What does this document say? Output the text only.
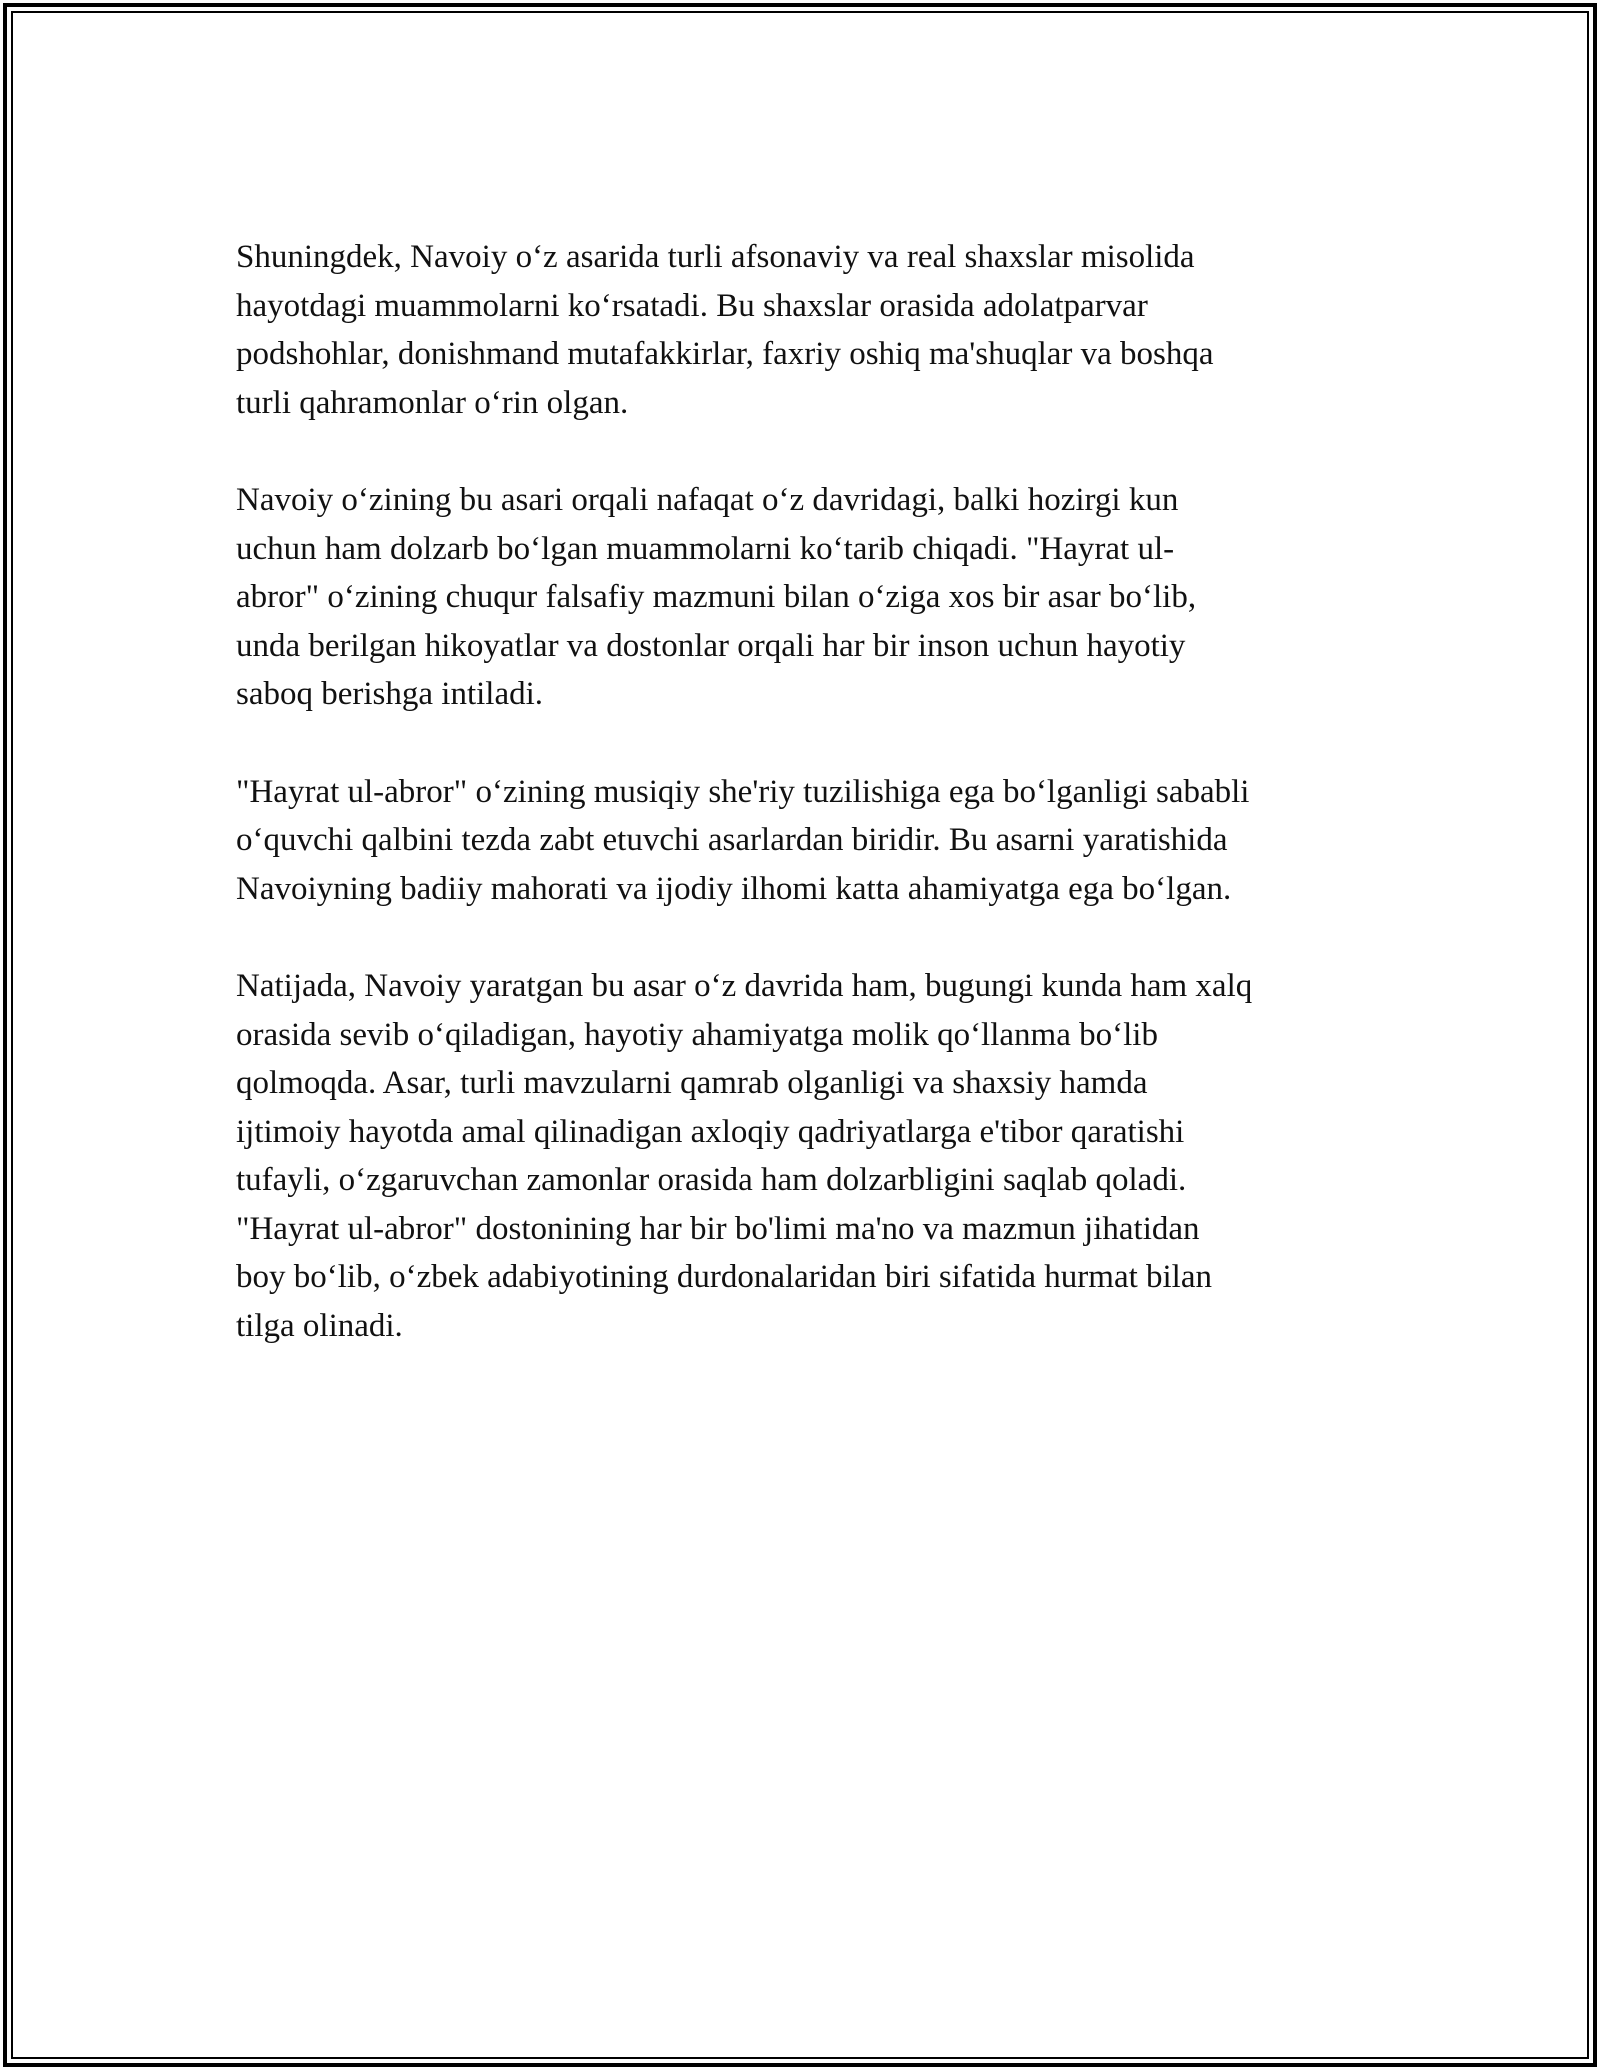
Shuningdek, Navoiy o‘z asarida turli afsonaviy va real shaxslar misolida
hayotdagi muammolarni ko‘rsatadi. Bu shaxslar orasida adolatparvar
podshohlar, donishmand mutafakkirlar, faxriy oshiq ma'shuqlar va boshqa
turli qahramonlar o‘rin olgan.

Navoiy o‘zining bu asari orqali nafaqat o‘z davridagi, balki hozirgi kun
uchun ham dolzarb bo‘lgan muammolarni ko‘tarib chiqadi. "Hayrat ul-
abror" o‘zining chuqur falsafiy mazmuni bilan o‘ziga xos bir asar bo‘lib,
unda berilgan hikoyatlar va dostonlar orqali har bir inson uchun hayotiy
saboq berishga intiladi.

"Hayrat ul-abror" o‘zining musiqiy she'riy tuzilishiga ega bo‘lganligi sababli
o‘quvchi qalbini tezda zabt etuvchi asarlardan biridir. Bu asarni yaratishida
Navoiyning badiiy mahorati va ijodiy ilhomi katta ahamiyatga ega bo‘lgan.

Natijada, Navoiy yaratgan bu asar o‘z davrida ham, bugungi kunda ham xalq
orasida sevib o‘qiladigan, hayotiy ahamiyatga molik qo‘llanma bo‘lib
qolmoqda. Asar, turli mavzularni qamrab olganligi va shaxsiy hamda
ijtimoiy hayotda amal qilinadigan axloqiy qadriyatlarga e'tibor qaratishi
tufayli, o‘zgaruvchan zamonlar orasida ham dolzarbligini saqlab qoladi.
"Hayrat ul-abror" dostonining har bir bo'limi ma'no va mazmun jihatidan
boy bo‘lib, o‘zbek adabiyotining durdonalaridan biri sifatida hurmat bilan
tilga olinadi.
